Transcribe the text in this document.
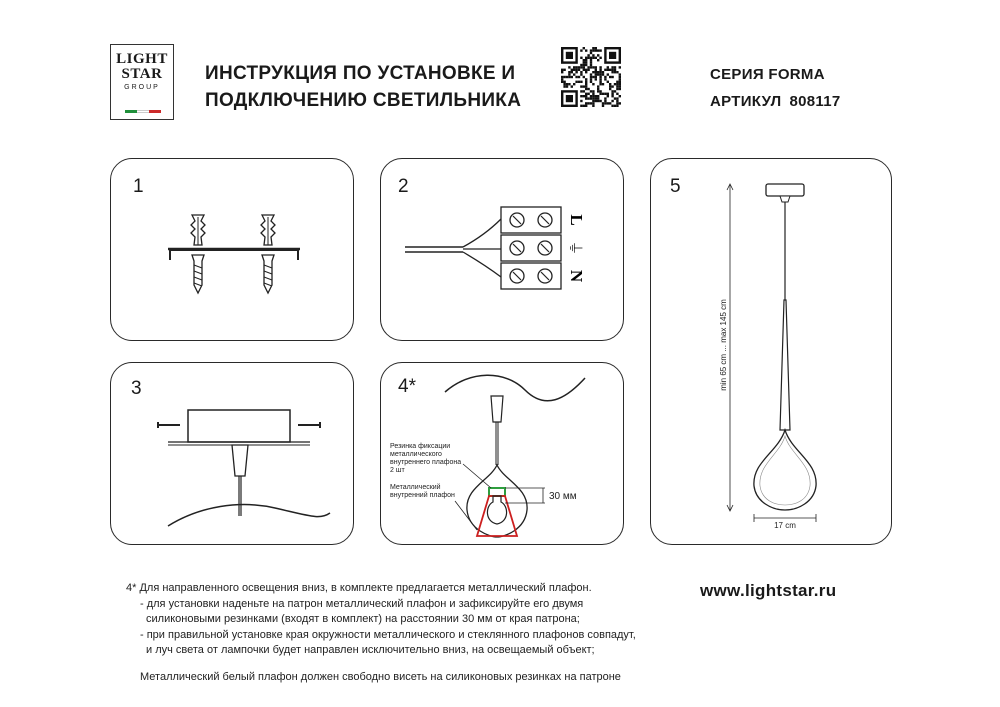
LIGHT
STAR
GROUP
ИНСТРУКЦИЯ ПО УСТАНОВКЕ И
ПОДКЛЮЧЕНИЮ СВЕТИЛЬНИКА
СЕРИЯ FORMA
АРТИКУЛ 808117
1	2
L
⏚
N
3	4*
30 мм
Резинка фиксации
металлического
внутреннего плафона
2 шт
Металлический
внутренний плафон
5
min 65 cm ... max 145 cm
17 cm
4* Для направленного освещения вниз, в комплекте предлагается металлический плафон.
- для установки наденьте на патрон металлический плафон и зафиксируйте его двумя
силиконовыми резинками (входят в комплект) на расстоянии 30 мм от края патрона;
- при правильной установке края окружности металлического и стеклянного плафонов совпадут,
и луч света от лампочки будет направлен исключительно вниз, на освещаемый объект;
Металлический белый плафон должен свободно висеть на силиконовых резинках на патроне
www.lightstar.ru
